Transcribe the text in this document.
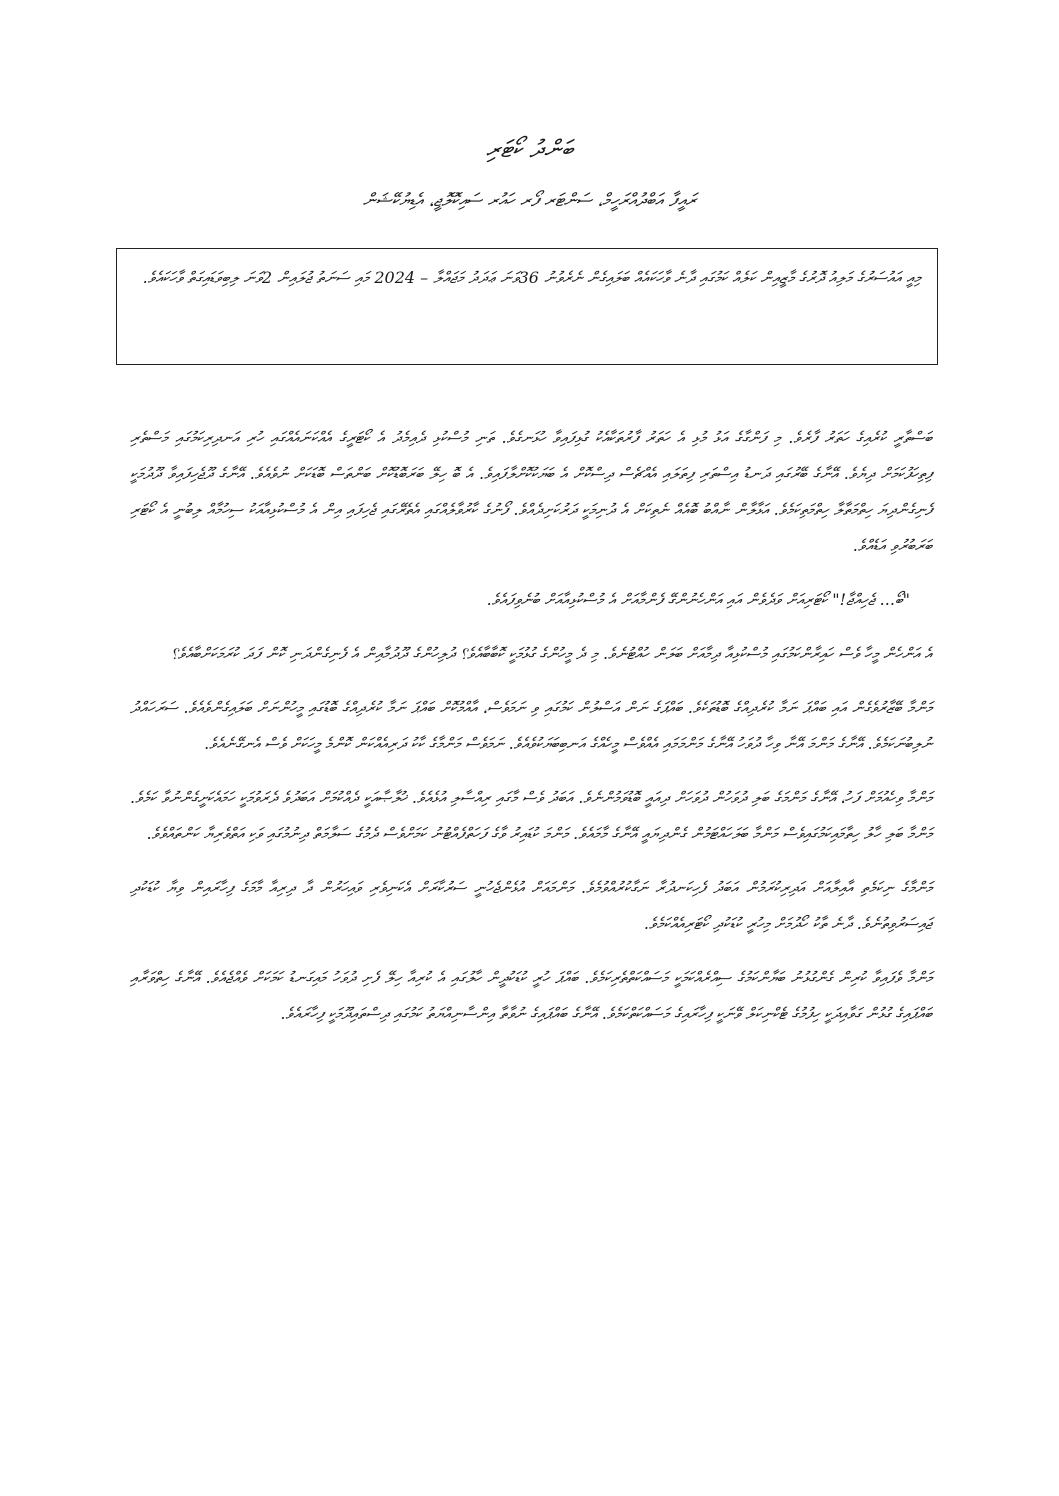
ބަންދު ކޯޓަރި
ރައީފާ އަބްދުއްރަހީމް، ސަންޓަރ ފޯރ ހައުރ ސައިކޮލޮޖީ، އެޑިޔުކޭޝަން
މިއީ އައުސަރުގެ މަލިއު ދޮރުގެ މާޒީއިން ކަލެއް ކަމުގައި ދާނެ ވާހަކައެއް ބަލައިގެން ނެރެވުނު 36ވަނަ ޢަދަދު މަޖައްލާ – 2024 މައި ސަނަތު ޖުލައިން 2ވަނަ ލިބިވަޑައިގަތް ވާހަކައެވެ.

ބަސްތާރީ ކުރެއިގެ ހަތަރު ފާރެވެ. މި ފަންގާގެ އަޅު މުޅި އެ ހަތަރު ފާރުތަކާއެކު ގުޅިފައިވާ ހުޅަނގެވެ. ތަނި މުސްކުޅި ދެއިމެދު އެ ކޯޓަރީގެ އެއްކަނައެއްގައި ހުރި އަނދިރިކަމުގައި މަސްތެރި ފިތިހަފުކަމަށް ދިޔެވެ. އޭނާގެ ބޭރުގައި ދަނޑު އިސްތަރި ފިތަލައި އެއްޗެސް ދިސްކޮށް އެ ބަޔަކުކޮށްލާފައިވެ. އެ ބޮ ހިލޭ ބަރަބޮޑުކޮށް ބަންތަސް ބޮޑަކަށް ނުވެއެވެ. އޭނާގެ ދޫޖެހިފައިވާ ދޫދުމަކީ ފެނިގެންދިޔަ ހިތްމަތާލާ ހިތްމަތިކަމެވެ. އަޅާލާން ނާއްބު ބޮއެއް ނެތިކަށް އެ ދުނިމަކީ ދަރުކަށިދެއްވެ. ފޯނުގެ ކާރުވާލެއްގައި އެތެރޭގައި ޖެހިފައި އިން އެ މުސްކުޅިއާއަކު ސިހުމާއް ލިބުނީ އެ ކޯޓަރި ބަރަބުރުވި އަޑެއްވެ.

"ބޯ... ޖެހިއްޖާ!" ކޯޓަރިއަށް ވަދެވެން އައި އަންހެނުންގޭ ފެންމާއަށް އެ މުސްކުޅިއާއަށް ބުނެވިފައެވެ.

އެ އަންހެން މީހާ ވެސް ހައިރާންކަމުގައި މުސްކުޅިއާ ދިމާއަށް ބަލަން ހުއްޓުނެވެ. މި ދެ މީހުންގެ ގުޅުމަކީ ކޮބާބާއެވެ؟ ދުލިހުންގެ ދޫދުމާއިން އެ ފެނިގެންދަނި ކޮން ފަދަ ކުރަމަކަށްބާއެވެ؟

މަންމާ ބޭޒާރުވެގެން އައި ބައްޕަ ނަމާ ކުރެދިއްގެ ބޮޑުތަކެވެ. ބައްޕަގެ ނަން އަސްލުން ކަމުގައި ވި ނަމަވެސް، އާއްމުކޮށް ބައްޕަ ނަމާ ކުރެދިއްގެ ބޮޑުގައި މީހުންނަށް ބަލައިގެންވެއެވެ. ސަރަހައްދު ނުލިބުނަކަމެވެ. އޭނާގެ މަންމަ އޭނާ ވިހާ ދުވަހު އޭނާގެ މަންމަމައި އެއްވެސް މީހެއްގެ އަނބިބަޔަކުވެއެވެ. ނަމަވެސް މަންމާގެ ކާކު ދަރިއެއްކަން ކޮންމެ މީހަކަށް ވެސް އެނގޭނެއެވެ.

މަންމާ ވިހެއުމަށް ފަހު، އޭނާގެ މަންމަގެ ބަލި ދުވަހުން ދުވަހަށް ދިއައީ ބޮޑުވަމުންނެވެ. އަބަދު ވެސް މާގައި ރިއްސާލި އުޅެއެވެ. ޚުލާޞާއަކީ ދެއްކުމަށް އަބަދުވެ ދެރަވުމަކީ ހަމައެކަށީގެންނުވާ ކަމެވެ. މަންމާ ބަލި ހާލު ހިތާމައިކަމުގައިވެސް މަންމާ ބަލަހައްޓަމުން ގެންދިޔައީ އޭނާގެ މާމައެވެ. މަންމަ ކުޑައިރު ވާގެ ފަހަތްފެއްޓުނު ކަމަށްވެސް ދެމުގެ ސަލާމަތް ދިނުމުގައި ވަކި އަތްވެރިޔާ ކަންތައްވެވެ.

މަންމާގެ ނިކަމެތި އާއިލާއަށް އަދިރިކުރަމުން އަބަދު ފެހިކަނދުރާ ނަގާކުރުއްވުމެވެ. މަންމައަށް އުޅެންޖެހުނީ ސަރުކާރަށް އެކަނިވެރި ވައިހަރުން ދާ ދިރިއާ މާމަގެ ފިހާރައިން ވިޔާ ކުޑަކުދި ޖައިސަރުވިތުނެވެ. ދާނެ ތާކު ހޯދުމަށް މިހުރީ ކުޑަކުދި ކޯޓަރިއެއްކަމެވެ.

މަންމާ ވެފައިވާ ކުރިން ގެންގުޅުނު ބަޔާންކަމުގެ ސިއްރެއްކަމަކީ މަސައްކަތްތެރިކަމެވެ. ބައްޕަ ހުރީ ކުޑަކުދީން ހާލުގައި އެ ކުރިއާ ހިލޭ ފެށި ދުވަހު މައިގަނޑު ކަމަކަށް ވެއްޖެއެވެ. އޭނާގެ ހިތްވަރާއި ބައްޕައިގެ ގުޅުން ގަވާއިދަކީ ހިފުމުގެ ޓެކްނިކަލް ވޭނަކީ ފިހާރައިގެ މަސައްކަތްކަމެވެ. އޭނާގެ ބައްޕައިގެ ނުވާތާ އިންސާނިއްޔަތު ކަމުގައި ދިސްތައިދޫމަކީ ފިހާރައެވެ.
